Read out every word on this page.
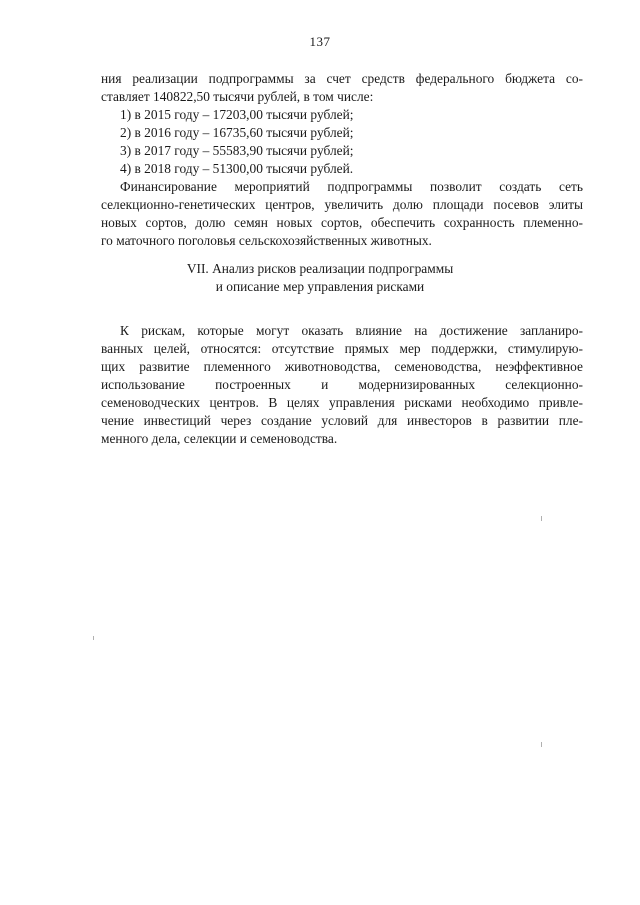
137
ния реализации подпрограммы за счет средств федерального бюджета со-
ставляет 140822,50 тысячи рублей, в том числе:
1) в 2015 году – 17203,00 тысячи рублей;
2) в 2016 году – 16735,60 тысячи рублей;
3) в 2017 году – 55583,90 тысячи рублей;
4) в 2018 году – 51300,00 тысячи рублей.
Финансирование мероприятий подпрограммы позволит создать сеть
селекционно-генетических центров, увеличить долю площади посевов элиты
новых сортов, долю семян новых сортов, обеспечить сохранность племенно-
го маточного поголовья сельскохозяйственных животных.
VII. Анализ рисков реализации подпрограммы
и описание мер управления рисками
К рискам, которые могут оказать влияние на достижение запланиро-
ванных целей, относятся: отсутствие прямых мер поддержки, стимулирую-
щих развитие племенного животноводства, семеноводства, неэффективное
использование построенных и модернизированных селекционно-
семеноводческих центров. В целях управления рисками необходимо привле-
чение инвестиций через создание условий для инвесторов в развитии пле-
менного дела, селекции и семеноводства.
